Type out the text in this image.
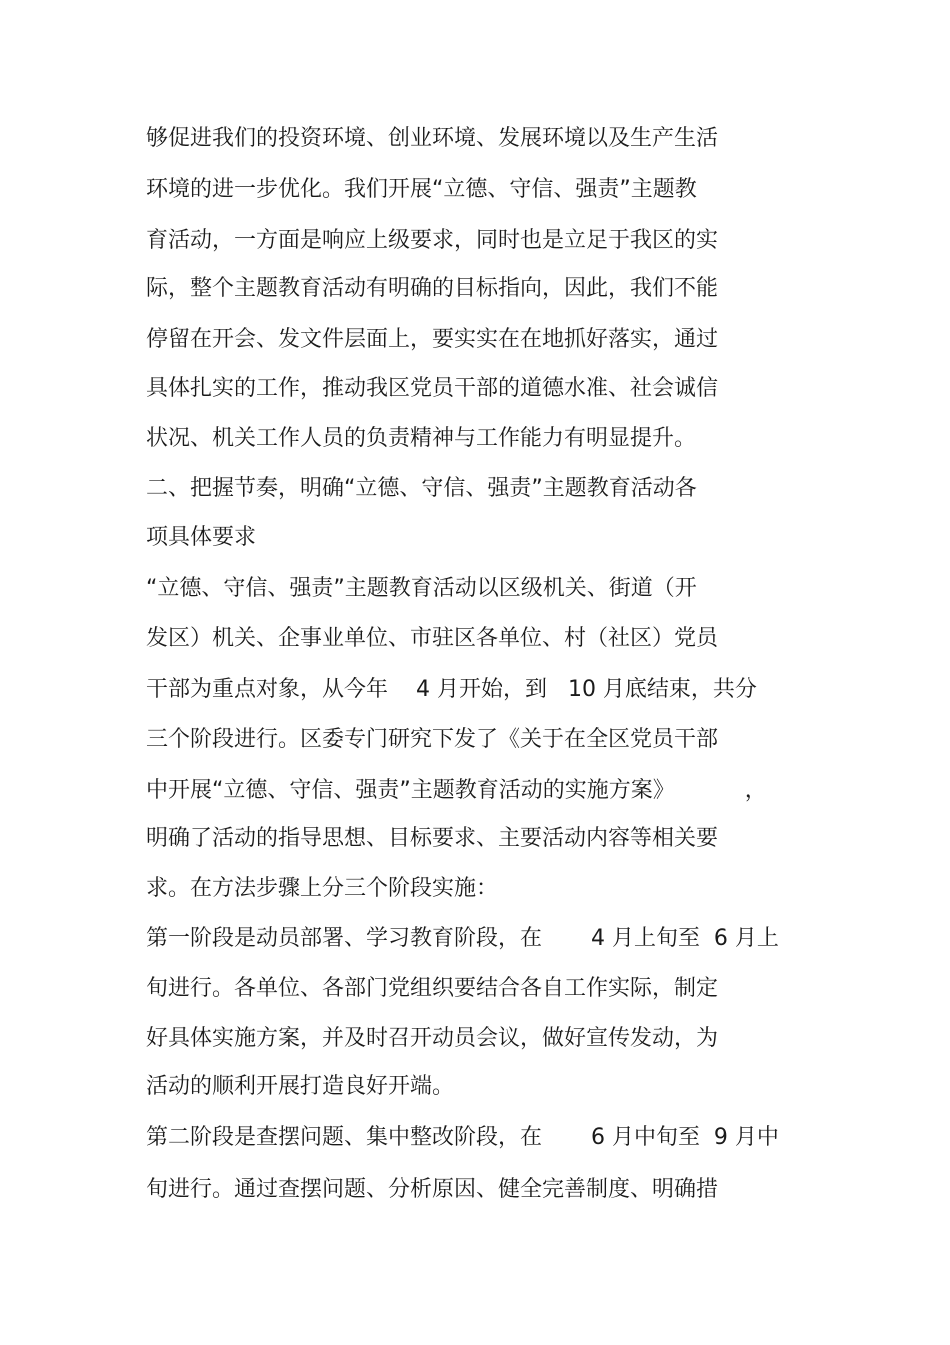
够促进我们的投资环境、创业环境、发展环境以及生产生活

环境的进一步优化。我们开展“立德、守信、强责”主题教

育活动，一方面是响应上级要求，同时也是立足于我区的实

际，整个主题教育活动有明确的目标指向，因此，我们不能

停留在开会、发文件层面上，要实实在在地抓好落实，通过

具体扎实的工作，推动我区党员干部的道德水准、社会诚信

状况、机关工作人员的负责精神与工作能力有明显提升。

二、把握节奏，明确“立德、守信、强责”主题教育活动各

项具体要求

“立德、守信、强责”主题教育活动以区级机关、街道（开

发区）机关、企事业单位、市驻区各单位、村（社区）党员

干部为重点对象，从今年    4 月开始，到   10 月底结束，共分

三个阶段进行。区委专门研究下发了《关于在全区党员干部

中开展“立德、守信、强责”主题教育活动的实施方案》          ，

明确了活动的指导思想、目标要求、主要活动内容等相关要

求。在方法步骤上分三个阶段实施：

第一阶段是动员部署、学习教育阶段，在       4 月上旬至  6 月上

旬进行。各单位、各部门党组织要结合各自工作实际，制定

好具体实施方案，并及时召开动员会议，做好宣传发动，为

活动的顺利开展打造良好开端。

第二阶段是查摆问题、集中整改阶段，在       6 月中旬至  9 月中

旬进行。通过查摆问题、分析原因、健全完善制度、明确措
